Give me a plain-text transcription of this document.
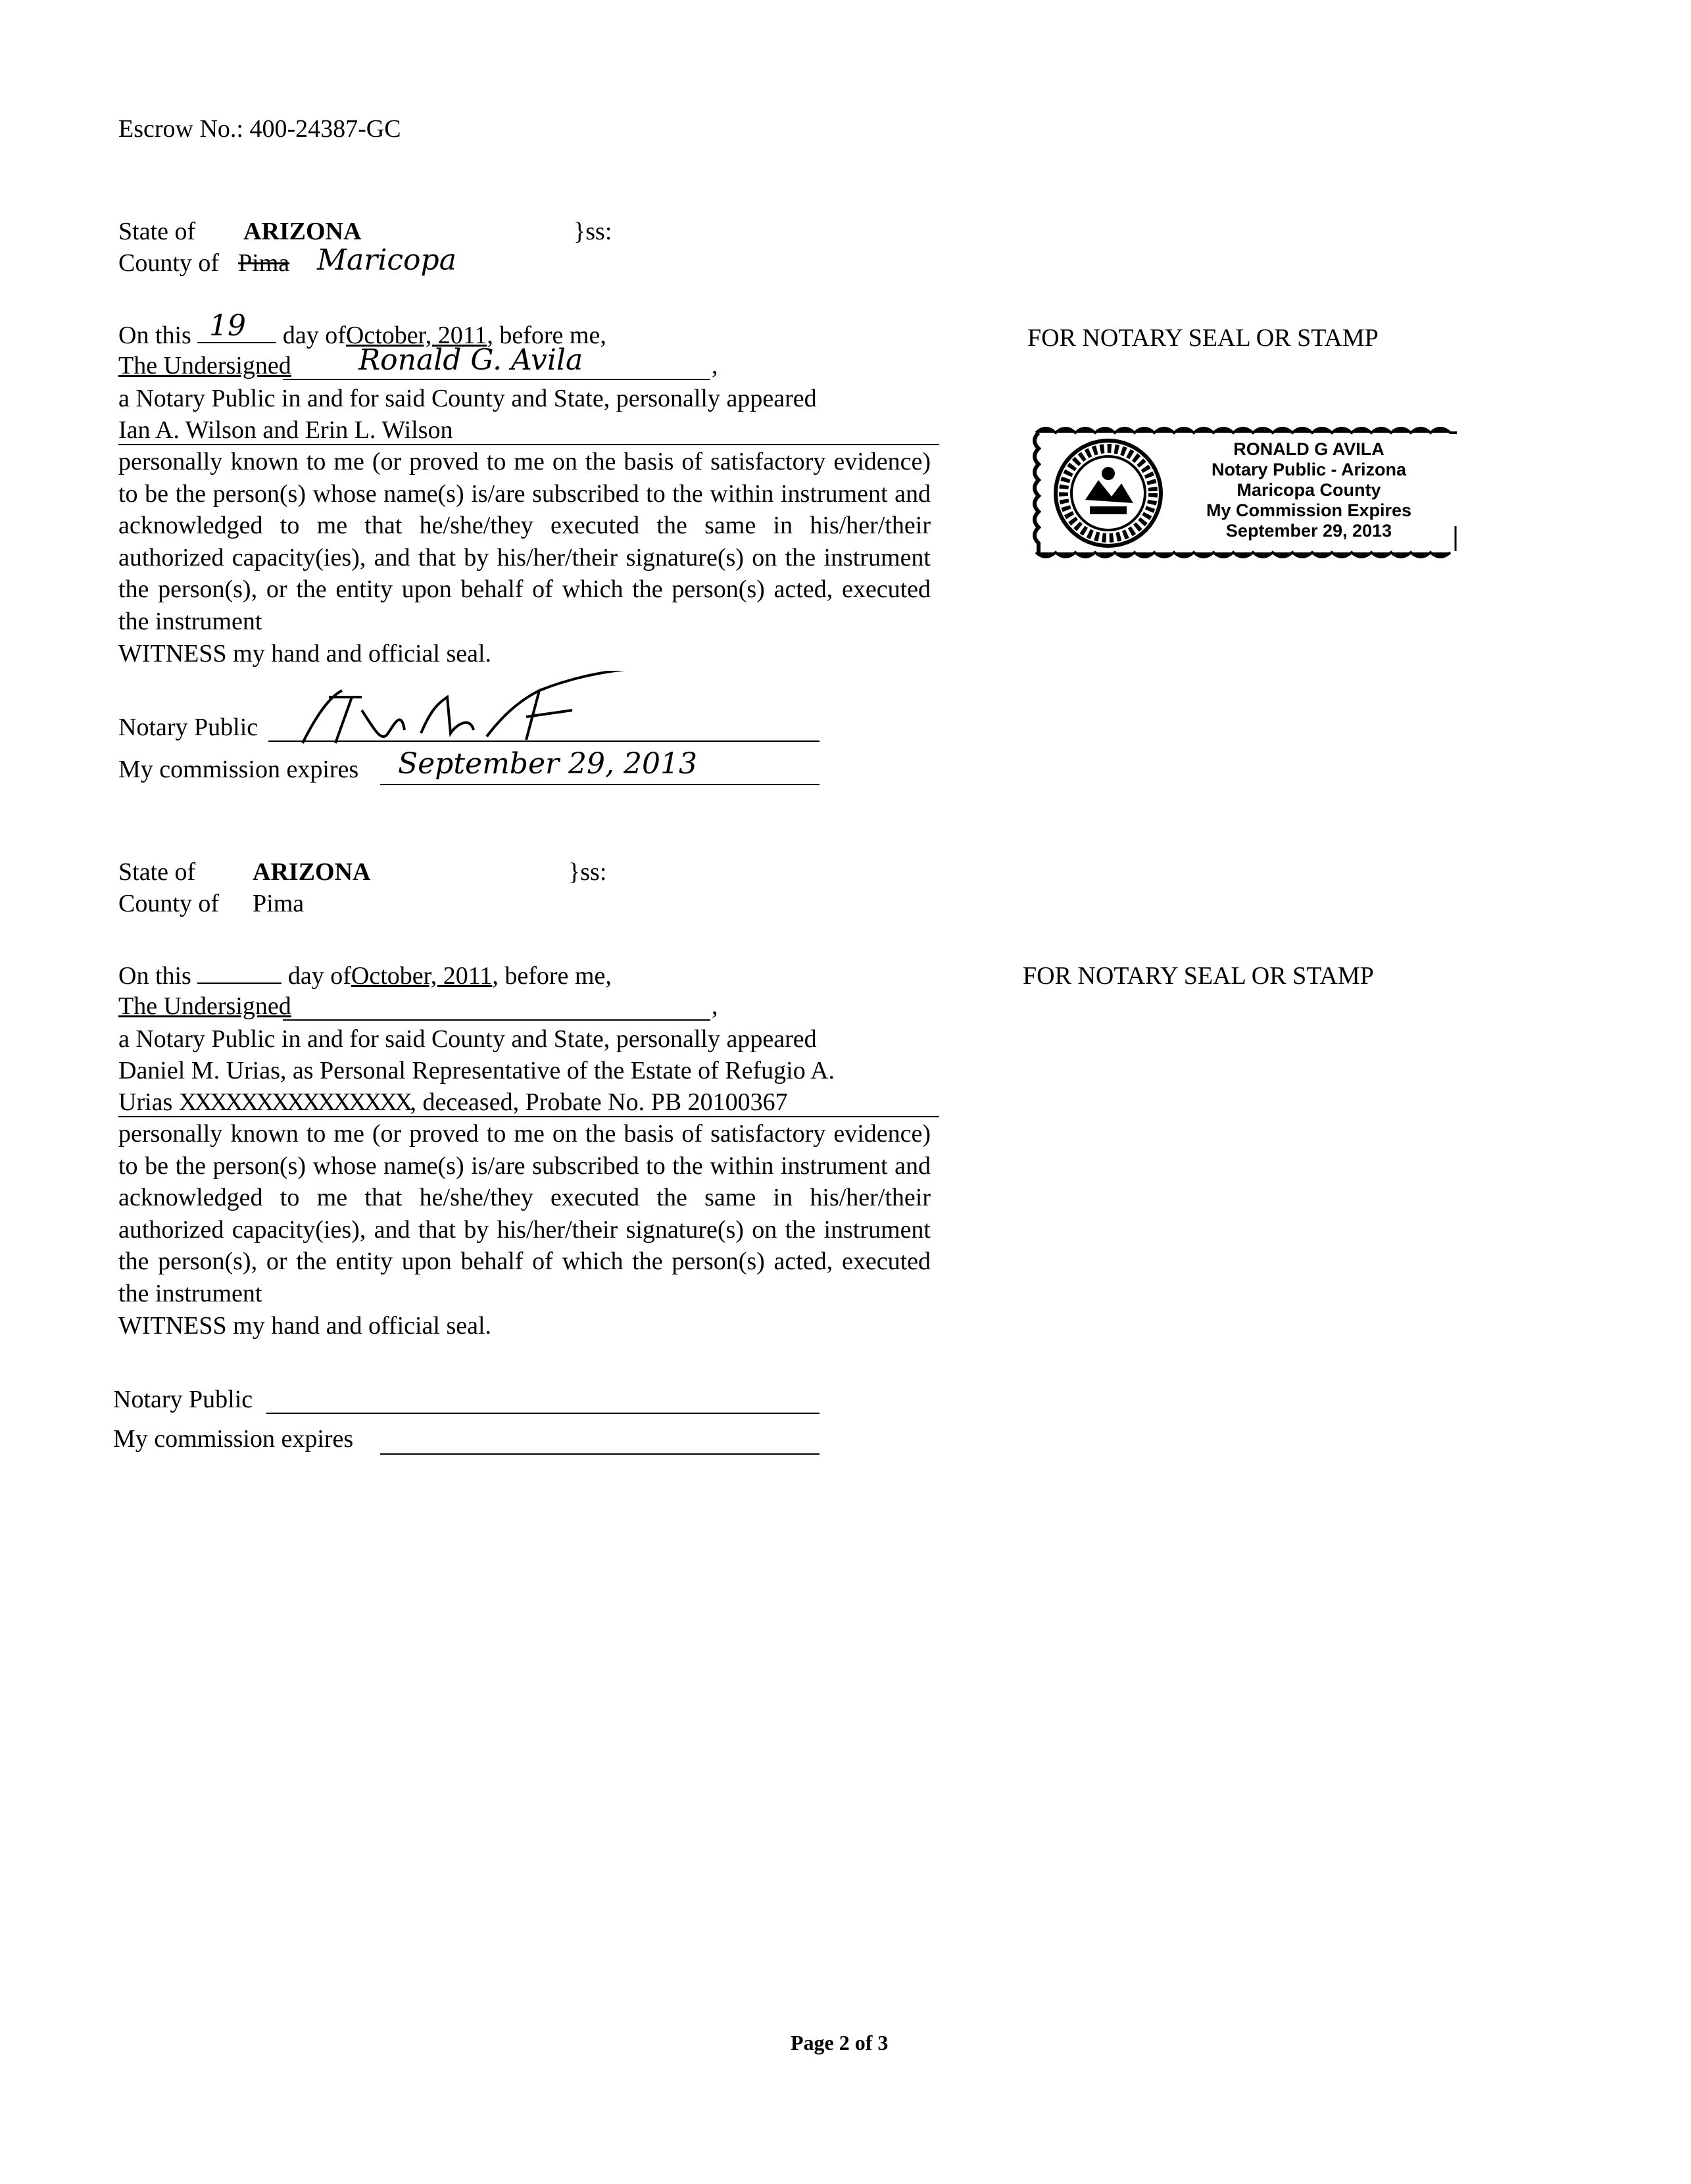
Escrow No.: 400-24387-GC
State of ARIZONA	}ss:
County of Pima Maricopa
On this	day ofOctober, 2011, before me,
19
The Undersigned	,
Ronald G. Avila
a Notary Public in and for said County and State, personally appeared
Ian A. Wilson and Erin L. Wilson
personally known to me (or proved to me on the basis of satisfactory evidence) to be the person(s) whose name(s) is/are subscribed to the within instrument and acknowledged to me that he/she/they executed the same in his/her/their authorized capacity(ies), and that by his/her/their signature(s) on the instrument the person(s), or the entity upon behalf of which the person(s) acted, executed the instrument
WITNESS my hand and official seal.
Notary Public
My commission expires September 29, 2013
FOR NOTARY SEAL OR STAMP
RONALD G AVILA
Notary Public - Arizona
Maricopa County
My Commission Expires
September 29, 2013
State of ARIZONA	}ss:
County of Pima
On this	day ofOctober, 2011, before me,
The Undersigned	,
a Notary Public in and for said County and State, personally appeared
Daniel M. Urias, as Personal Representative of the Estate of Refugio A.
Urias XXXXXXXXXXXXXXX, deceased, Probate No. PB 20100367
personally known to me (or proved to me on the basis of satisfactory evidence) to be the person(s) whose name(s) is/are subscribed to the within instrument and acknowledged to me that he/she/they executed the same in his/her/their authorized capacity(ies), and that by his/her/their signature(s) on the instrument the person(s), or the entity upon behalf of which the person(s) acted, executed the instrument
WITNESS my hand and official seal.
Notary Public
My commission expires
FOR NOTARY SEAL OR STAMP
Page 2 of 3
